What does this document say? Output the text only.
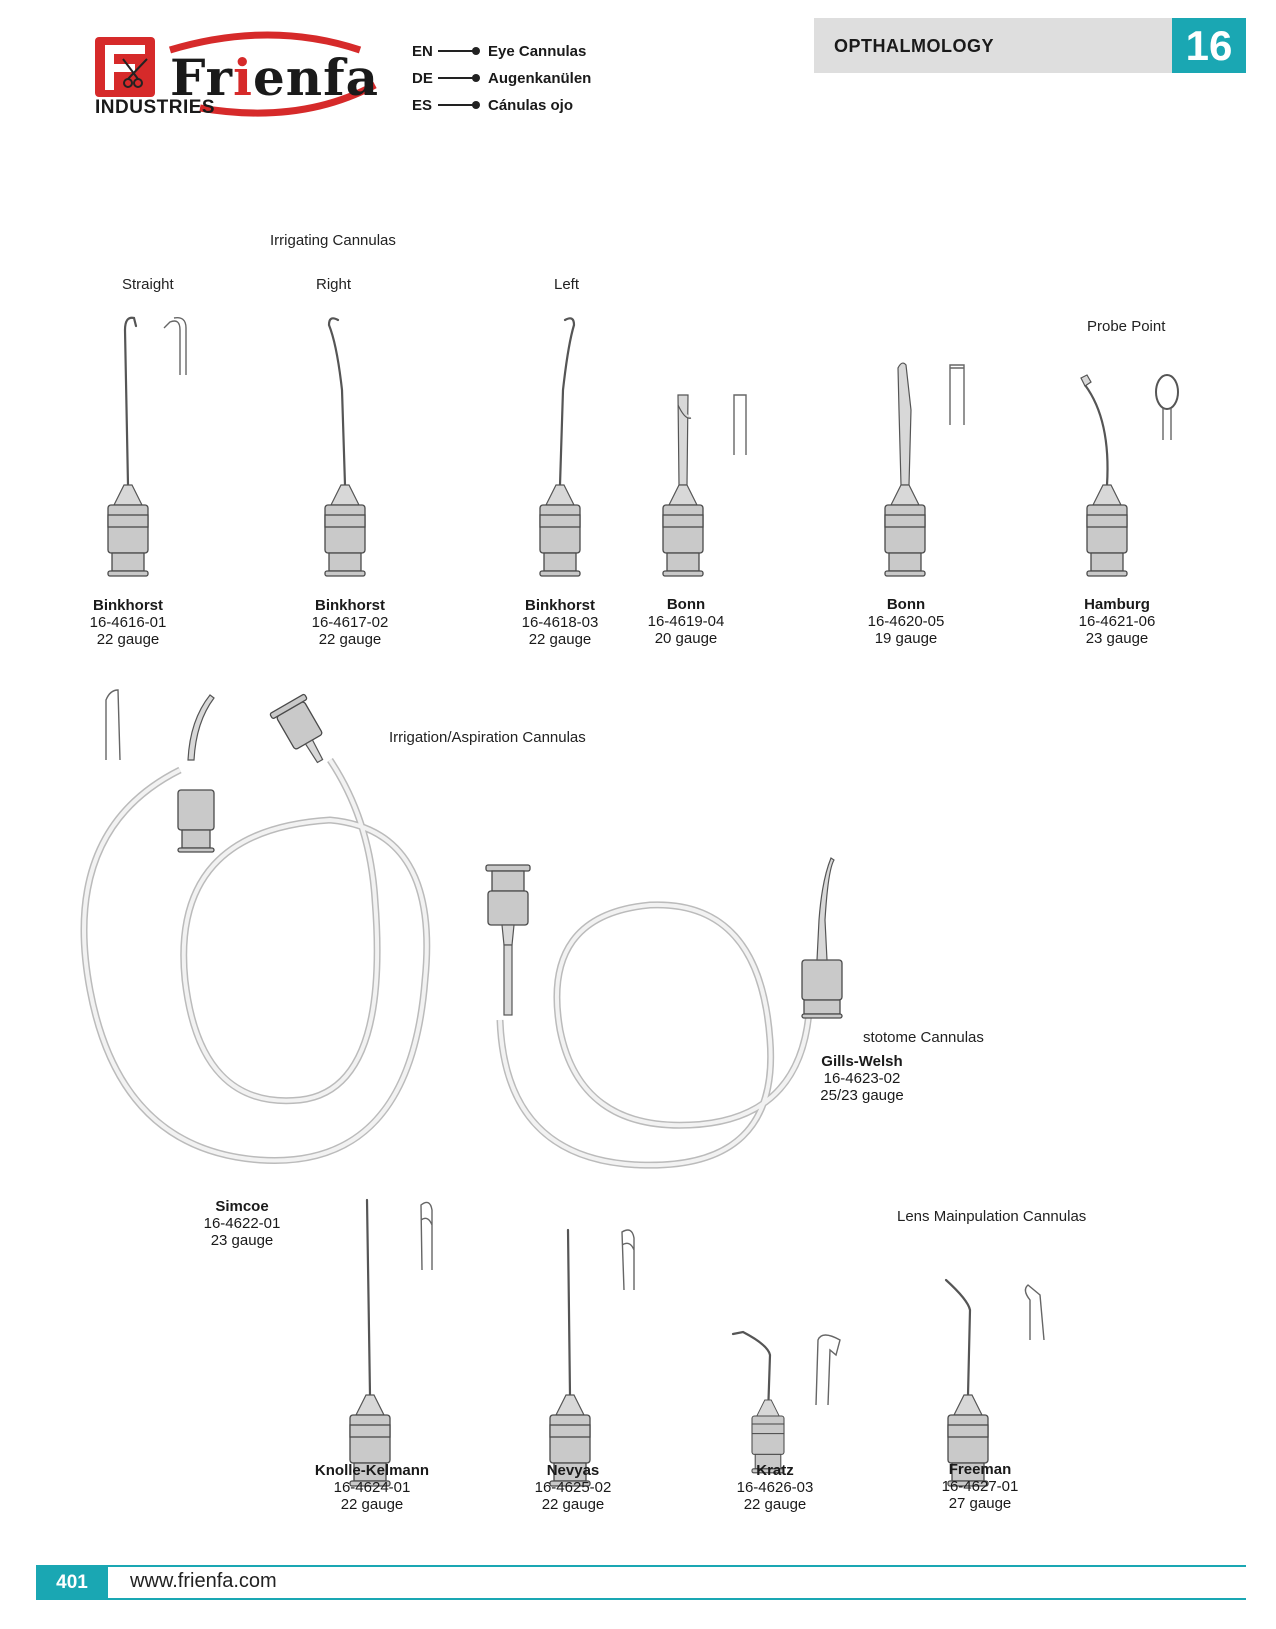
Frienfa
INDUSTRIES
EN	Eye Cannulas
DE	Augenkanülen
ES	Cánulas ojo
OPTHALMOLOGY	16
Irrigating Cannulas
Straight	Right	Left
Probe Point
Irrigation/Aspiration Cannulas
stotome Cannulas
Lens Mainpulation Cannulas
Binkhorst
16-4616-01
22 gauge
Binkhorst
16-4617-02
22 gauge
Binkhorst
16-4618-03
22 gauge
Bonn
16-4619-04
20 gauge
Bonn
16-4620-05
19 gauge
Hamburg
16-4621-06
23 gauge
Simcoe
16-4622-01
23 gauge
Gills-Welsh
16-4623-02
25/23 gauge
Knolle-Kelmann
16-4624-01
22 gauge
Nevyas
16-4625-02
22 gauge
Kratz
16-4626-03
22 gauge
Freeman
16-4627-01
27 gauge
401	www.frienfa.com
